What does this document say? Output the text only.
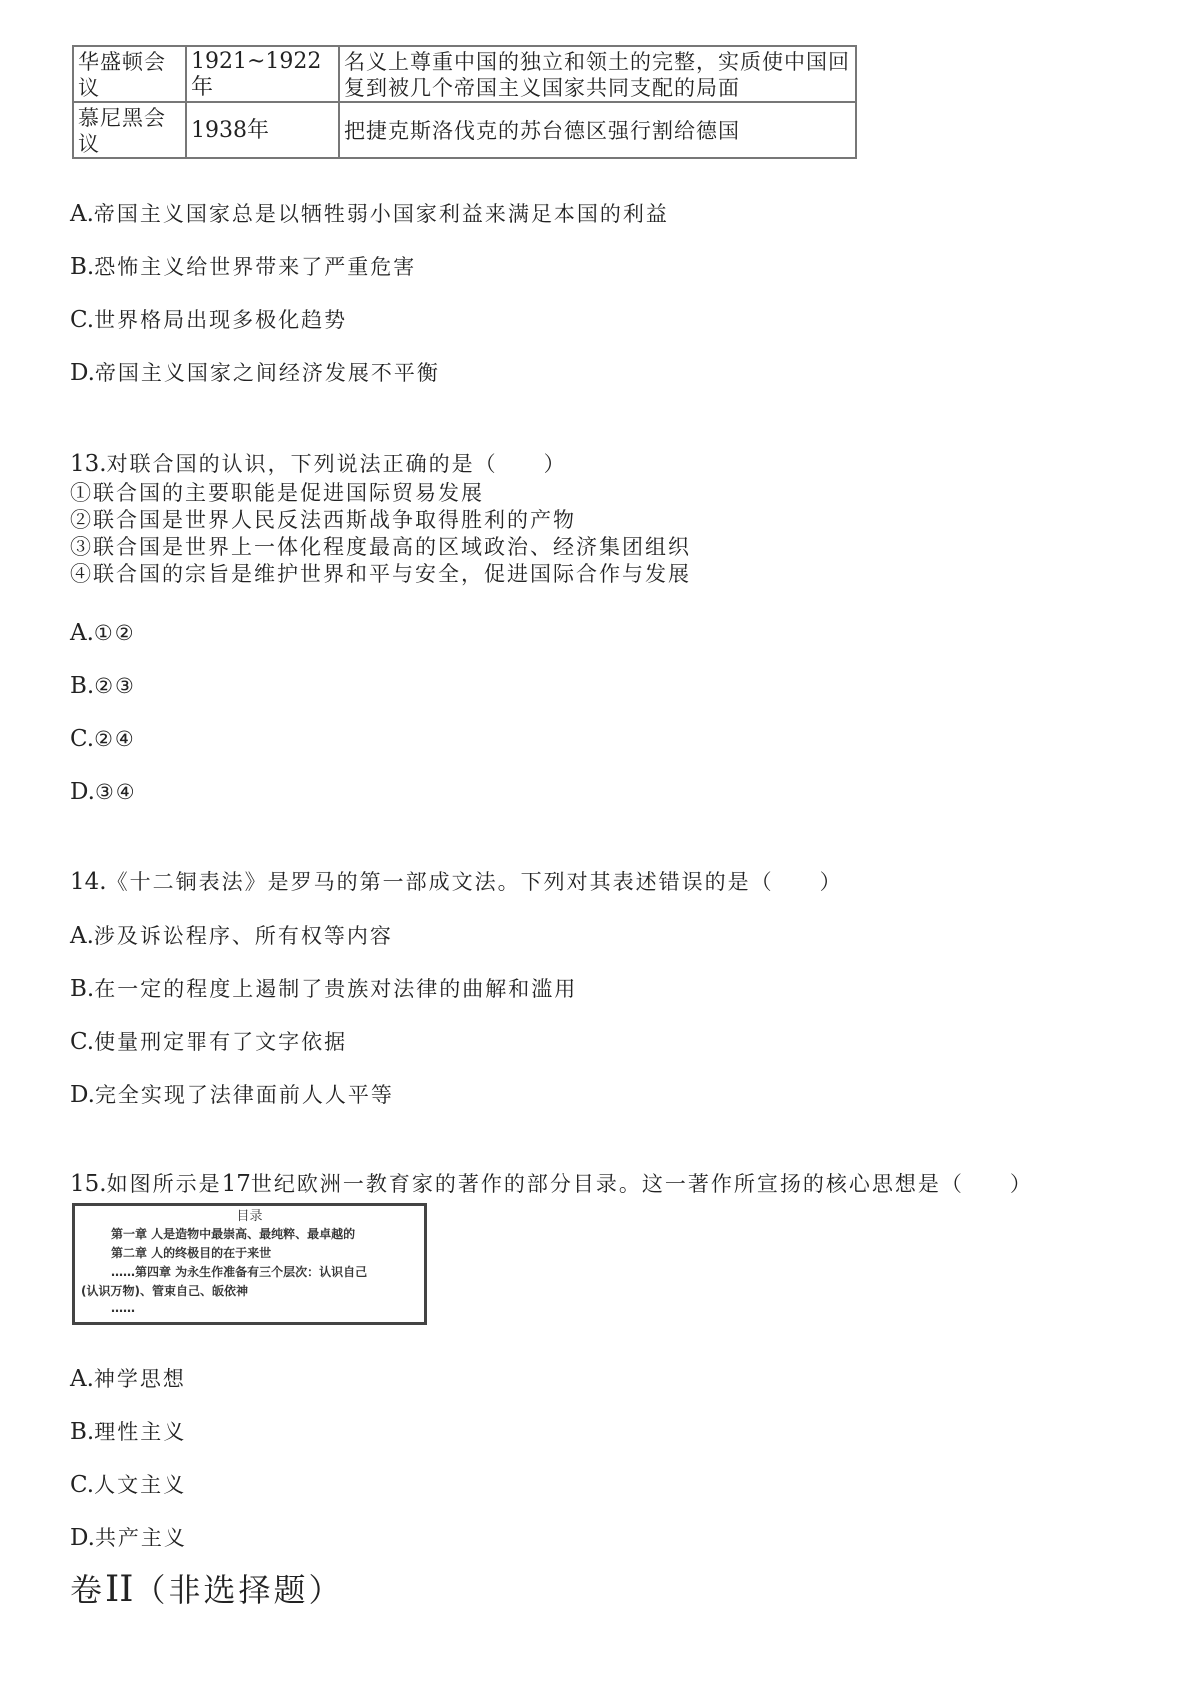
华盛顿会议	1921~1922年	名义上尊重中国的独立和领土的完整，实质使中国回复到被几个帝国主义国家共同支配的局面
慕尼黑会议	1938年	把捷克斯洛伐克的苏台德区强行割给德国
A.帝国主义国家总是以牺牲弱小国家利益来满足本国的利益
B.恐怖主义给世界带来了严重危害
C.世界格局出现多极化趋势
D.帝国主义国家之间经济发展不平衡
13.对联合国的认识，下列说法正确的是（　　）
①联合国的主要职能是促进国际贸易发展
②联合国是世界人民反法西斯战争取得胜利的产物
③联合国是世界上一体化程度最高的区域政治、经济集团组织
④联合国的宗旨是维护世界和平与安全，促进国际合作与发展
A.①②
B.②③
C.②④
D.③④
14.《十二铜表法》是罗马的第一部成文法。下列对其表述错误的是（　　）
A.涉及诉讼程序、所有权等内容
B.在一定的程度上遏制了贵族对法律的曲解和滥用
C.使量刑定罪有了文字依据
D.完全实现了法律面前人人平等
15.如图所示是17世纪欧洲一教育家的著作的部分目录。这一著作所宣扬的核心思想是（　　）
目录
第一章 人是造物中最崇高、最纯粹、最卓越的
第二章 人的终极目的在于来世
……第四章 为永生作准备有三个层次：认识自己
(认识万物)、管束自己、皈依神
……
A.神学思想
B.理性主义
C.人文主义
D.共产主义
卷II（非选择题）
